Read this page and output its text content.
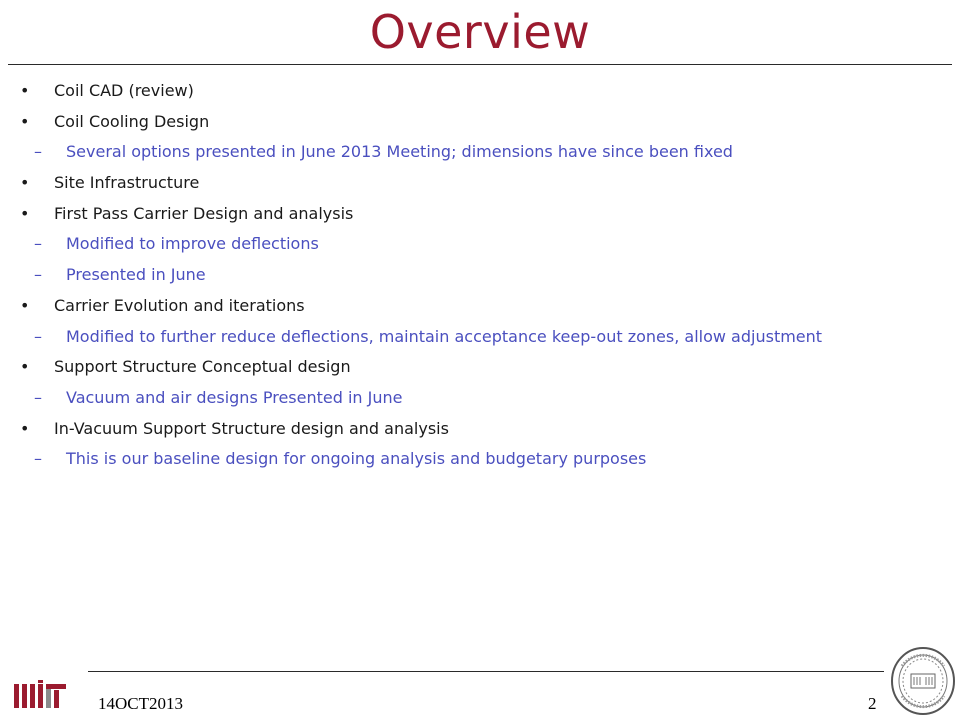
Overview
• Coil CAD (review)
• Coil Cooling Design
– Several options presented in June 2013 Meeting; dimensions have since been fixed
• Site Infrastructure
• First Pass Carrier Design and analysis
– Modified to improve deflections
– Presented in June
• Carrier Evolution and iterations
– Modified to further reduce deflections, maintain acceptance keep-out zones, allow adjustment
• Support Structure Conceptual design
– Vacuum and air designs Presented in June
• In-Vacuum Support Structure design and analysis
– This is our baseline design for ongoing analysis and budgetary purposes
14OCT2013	2
